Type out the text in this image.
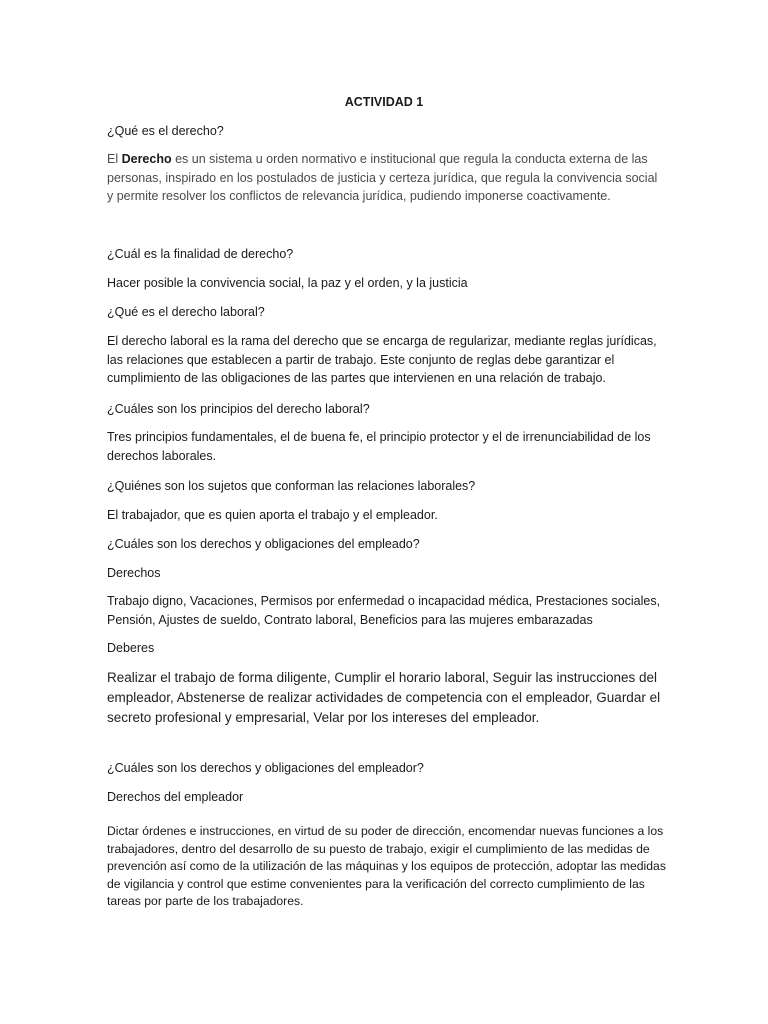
ACTIVIDAD 1

¿Qué es el derecho?

El Derecho es un sistema u orden normativo e institucional que regula la conducta externa de las personas, inspirado en los postulados de justicia y certeza jurídica, que regula la convivencia social y permite resolver los conflictos de relevancia jurídica, pudiendo imponerse coactivamente.

¿Cuál es la finalidad de derecho?

Hacer posible la convivencia social, la paz y el orden, y la justicia

¿Qué es el derecho laboral?

El derecho laboral es la rama del derecho que se encarga de regularizar, mediante reglas jurídicas, las relaciones que establecen a partir de trabajo. Este conjunto de reglas debe garantizar el cumplimiento de las obligaciones de las partes que intervienen en una relación de trabajo.

¿Cuáles son los principios del derecho laboral?

Tres principios fundamentales, el de buena fe, el principio protector y el de irrenunciabilidad de los derechos laborales.

¿Quiénes son los sujetos que conforman las relaciones laborales?

El trabajador, que es quien aporta el trabajo y el empleador.

¿Cuáles son los derechos y obligaciones del empleado?

Derechos

Trabajo digno, Vacaciones, Permisos por enfermedad o incapacidad médica, Prestaciones sociales, Pensión, Ajustes de sueldo, Contrato laboral, Beneficios para las mujeres embarazadas

Deberes

Realizar el trabajo de forma diligente, Cumplir el horario laboral, Seguir las instrucciones del empleador, Abstenerse de realizar actividades de competencia con el empleador, Guardar el secreto profesional y empresarial, Velar por los intereses del empleador.

¿Cuáles son los derechos y obligaciones del empleador?

Derechos del empleador

Dictar órdenes e instrucciones, en virtud de su poder de dirección, encomendar nuevas funciones a los trabajadores, dentro del desarrollo de su puesto de trabajo, exigir el cumplimiento de las medidas de prevención así como de la utilización de las máquinas y los equipos de protección, adoptar las medidas de vigilancia y control que estime convenientes para la verificación del correcto cumplimiento de las tareas por parte de los trabajadores.
